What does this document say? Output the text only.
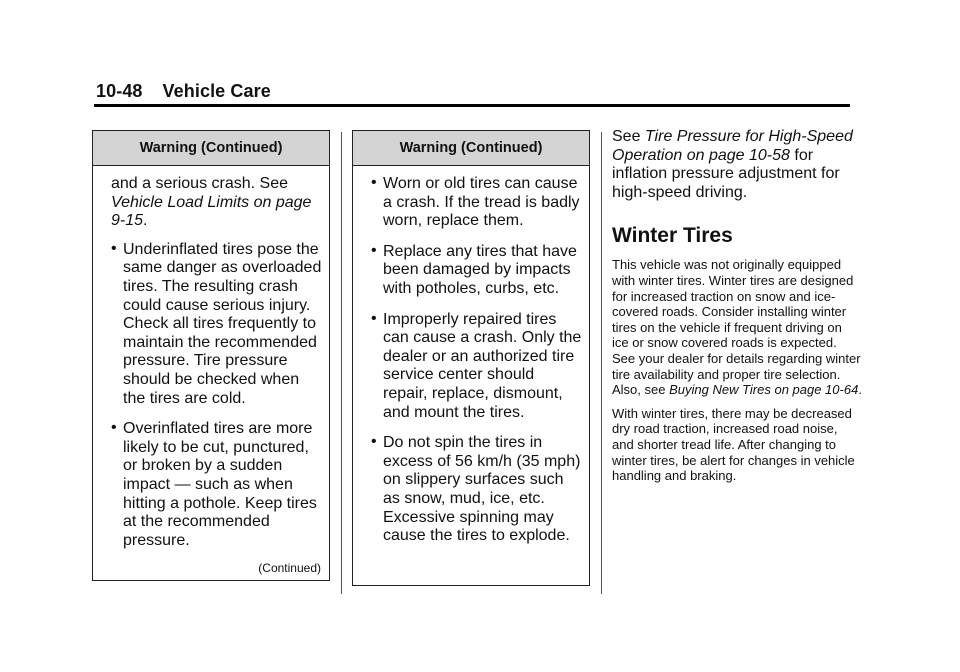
10-48 Vehicle Care
Warning (Continued)

and a serious crash. See Vehicle Load Limits on page 9-15.

• Underinflated tires pose the same danger as overloaded tires. The resulting crash could cause serious injury. Check all tires frequently to maintain the recommended pressure. Tire pressure should be checked when the tires are cold.
• Overinflated tires are more likely to be cut, punctured, or broken by a sudden impact — such as when hitting a pothole. Keep tires at the recommended pressure.
(Continued)
Warning (Continued)
• Worn or old tires can cause a crash. If the tread is badly worn, replace them.
• Replace any tires that have been damaged by impacts with potholes, curbs, etc.
• Improperly repaired tires can cause a crash. Only the dealer or an authorized tire service center should repair, replace, dismount, and mount the tires.
• Do not spin the tires in excess of 56 km/h (35 mph) on slippery surfaces such as snow, mud, ice, etc. Excessive spinning may cause the tires to explode.

See Tire Pressure for High-Speed Operation on page 10-58 for inflation pressure adjustment for high-speed driving.

Winter Tires

This vehicle was not originally equipped with winter tires. Winter tires are designed for increased traction on snow and ice-covered roads. Consider installing winter tires on the vehicle if frequent driving on ice or snow covered roads is expected. See your dealer for details regarding winter tire availability and proper tire selection. Also, see Buying New Tires on page 10-64.

With winter tires, there may be decreased dry road traction, increased road noise, and shorter tread life. After changing to winter tires, be alert for changes in vehicle handling and braking.
